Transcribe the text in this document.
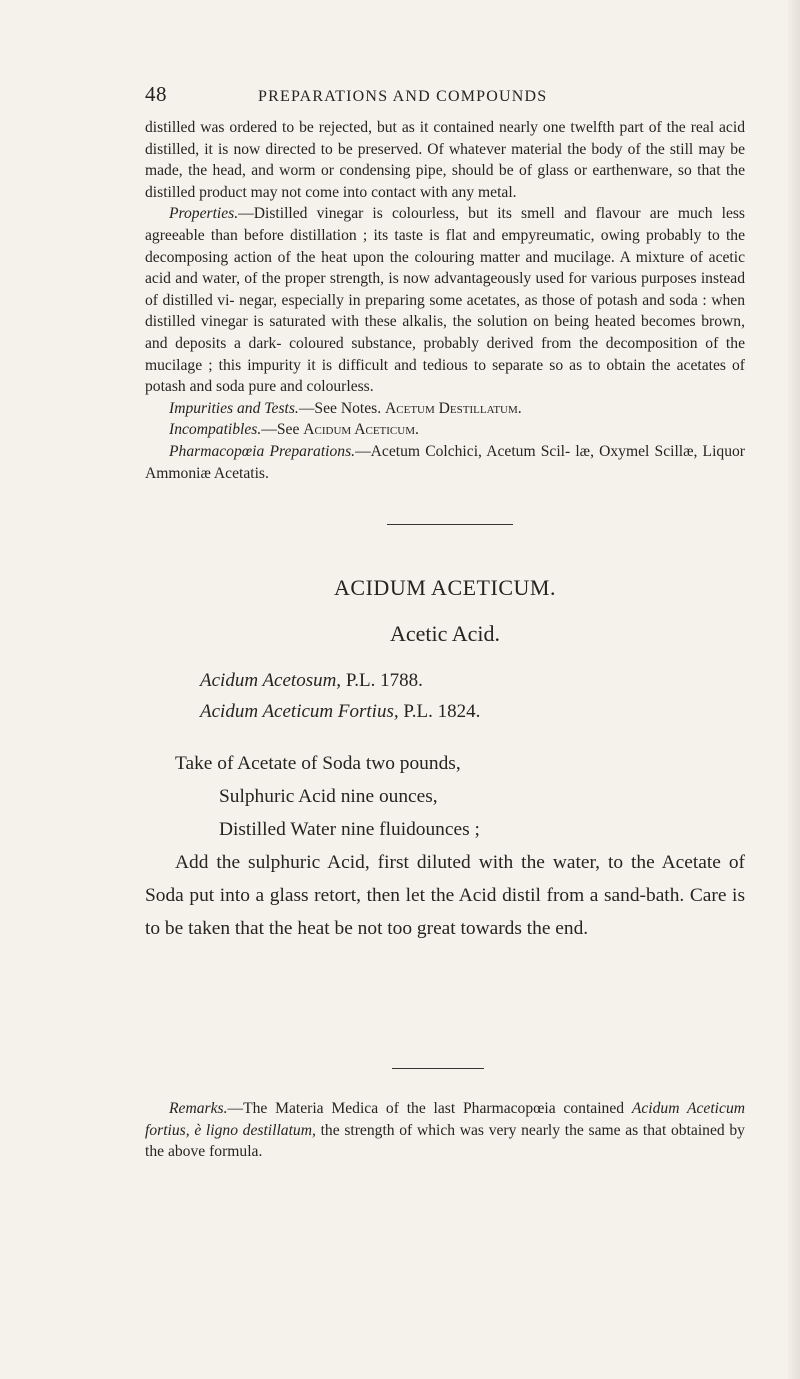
48	PREPARATIONS AND COMPOUNDS

distilled was ordered to be rejected, but as it contained nearly one twelfth part of the real acid distilled, it is now directed to be preserved. Of whatever material the body of the still may be made, the head, and worm or condensing pipe, should be of glass or earthenware, so that the distilled product may not come into contact with any metal.

Properties.—Distilled vinegar is colourless, but its smell and flavour are much less agreeable than before distillation ; its taste is flat and empyreumatic, owing probably to the decomposing action of the heat upon the colouring matter and mucilage. A mixture of acetic acid and water, of the proper strength, is now advantageously used for various purposes instead of distilled vi- negar, especially in preparing some acetates, as those of potash and soda : when distilled vinegar is saturated with these alkalis, the solution on being heated becomes brown, and deposits a dark- coloured substance, probably derived from the decomposition of the mucilage ; this impurity it is difficult and tedious to separate so as to obtain the acetates of potash and soda pure and colourless.

Impurities and Tests.—See Notes. Acetum Destillatum.

Incompatibles.—See Acidum Aceticum.

Pharmacopœia Preparations.—Acetum Colchici, Acetum Scil- læ, Oxymel Scillæ, Liquor Ammoniæ Acetatis.

ACIDUM ACETICUM.
Acetic Acid.
Acidum Acetosum, P.L. 1788.
Acidum Aceticum Fortius, P.L. 1824.
Take of Acetate of Soda two pounds,
Sulphuric Acid nine ounces,
Distilled Water nine fluidounces ;

Add the sulphuric Acid, first diluted with the water, to the Acetate of Soda put into a glass retort, then let the Acid distil from a sand-bath. Care is to be taken that the heat be not too great towards the end.

Remarks.—The Materia Medica of the last Pharmacopœia contained Acidum Aceticum fortius, è ligno destillatum, the strength of which was very nearly the same as that obtained by the above formula.
